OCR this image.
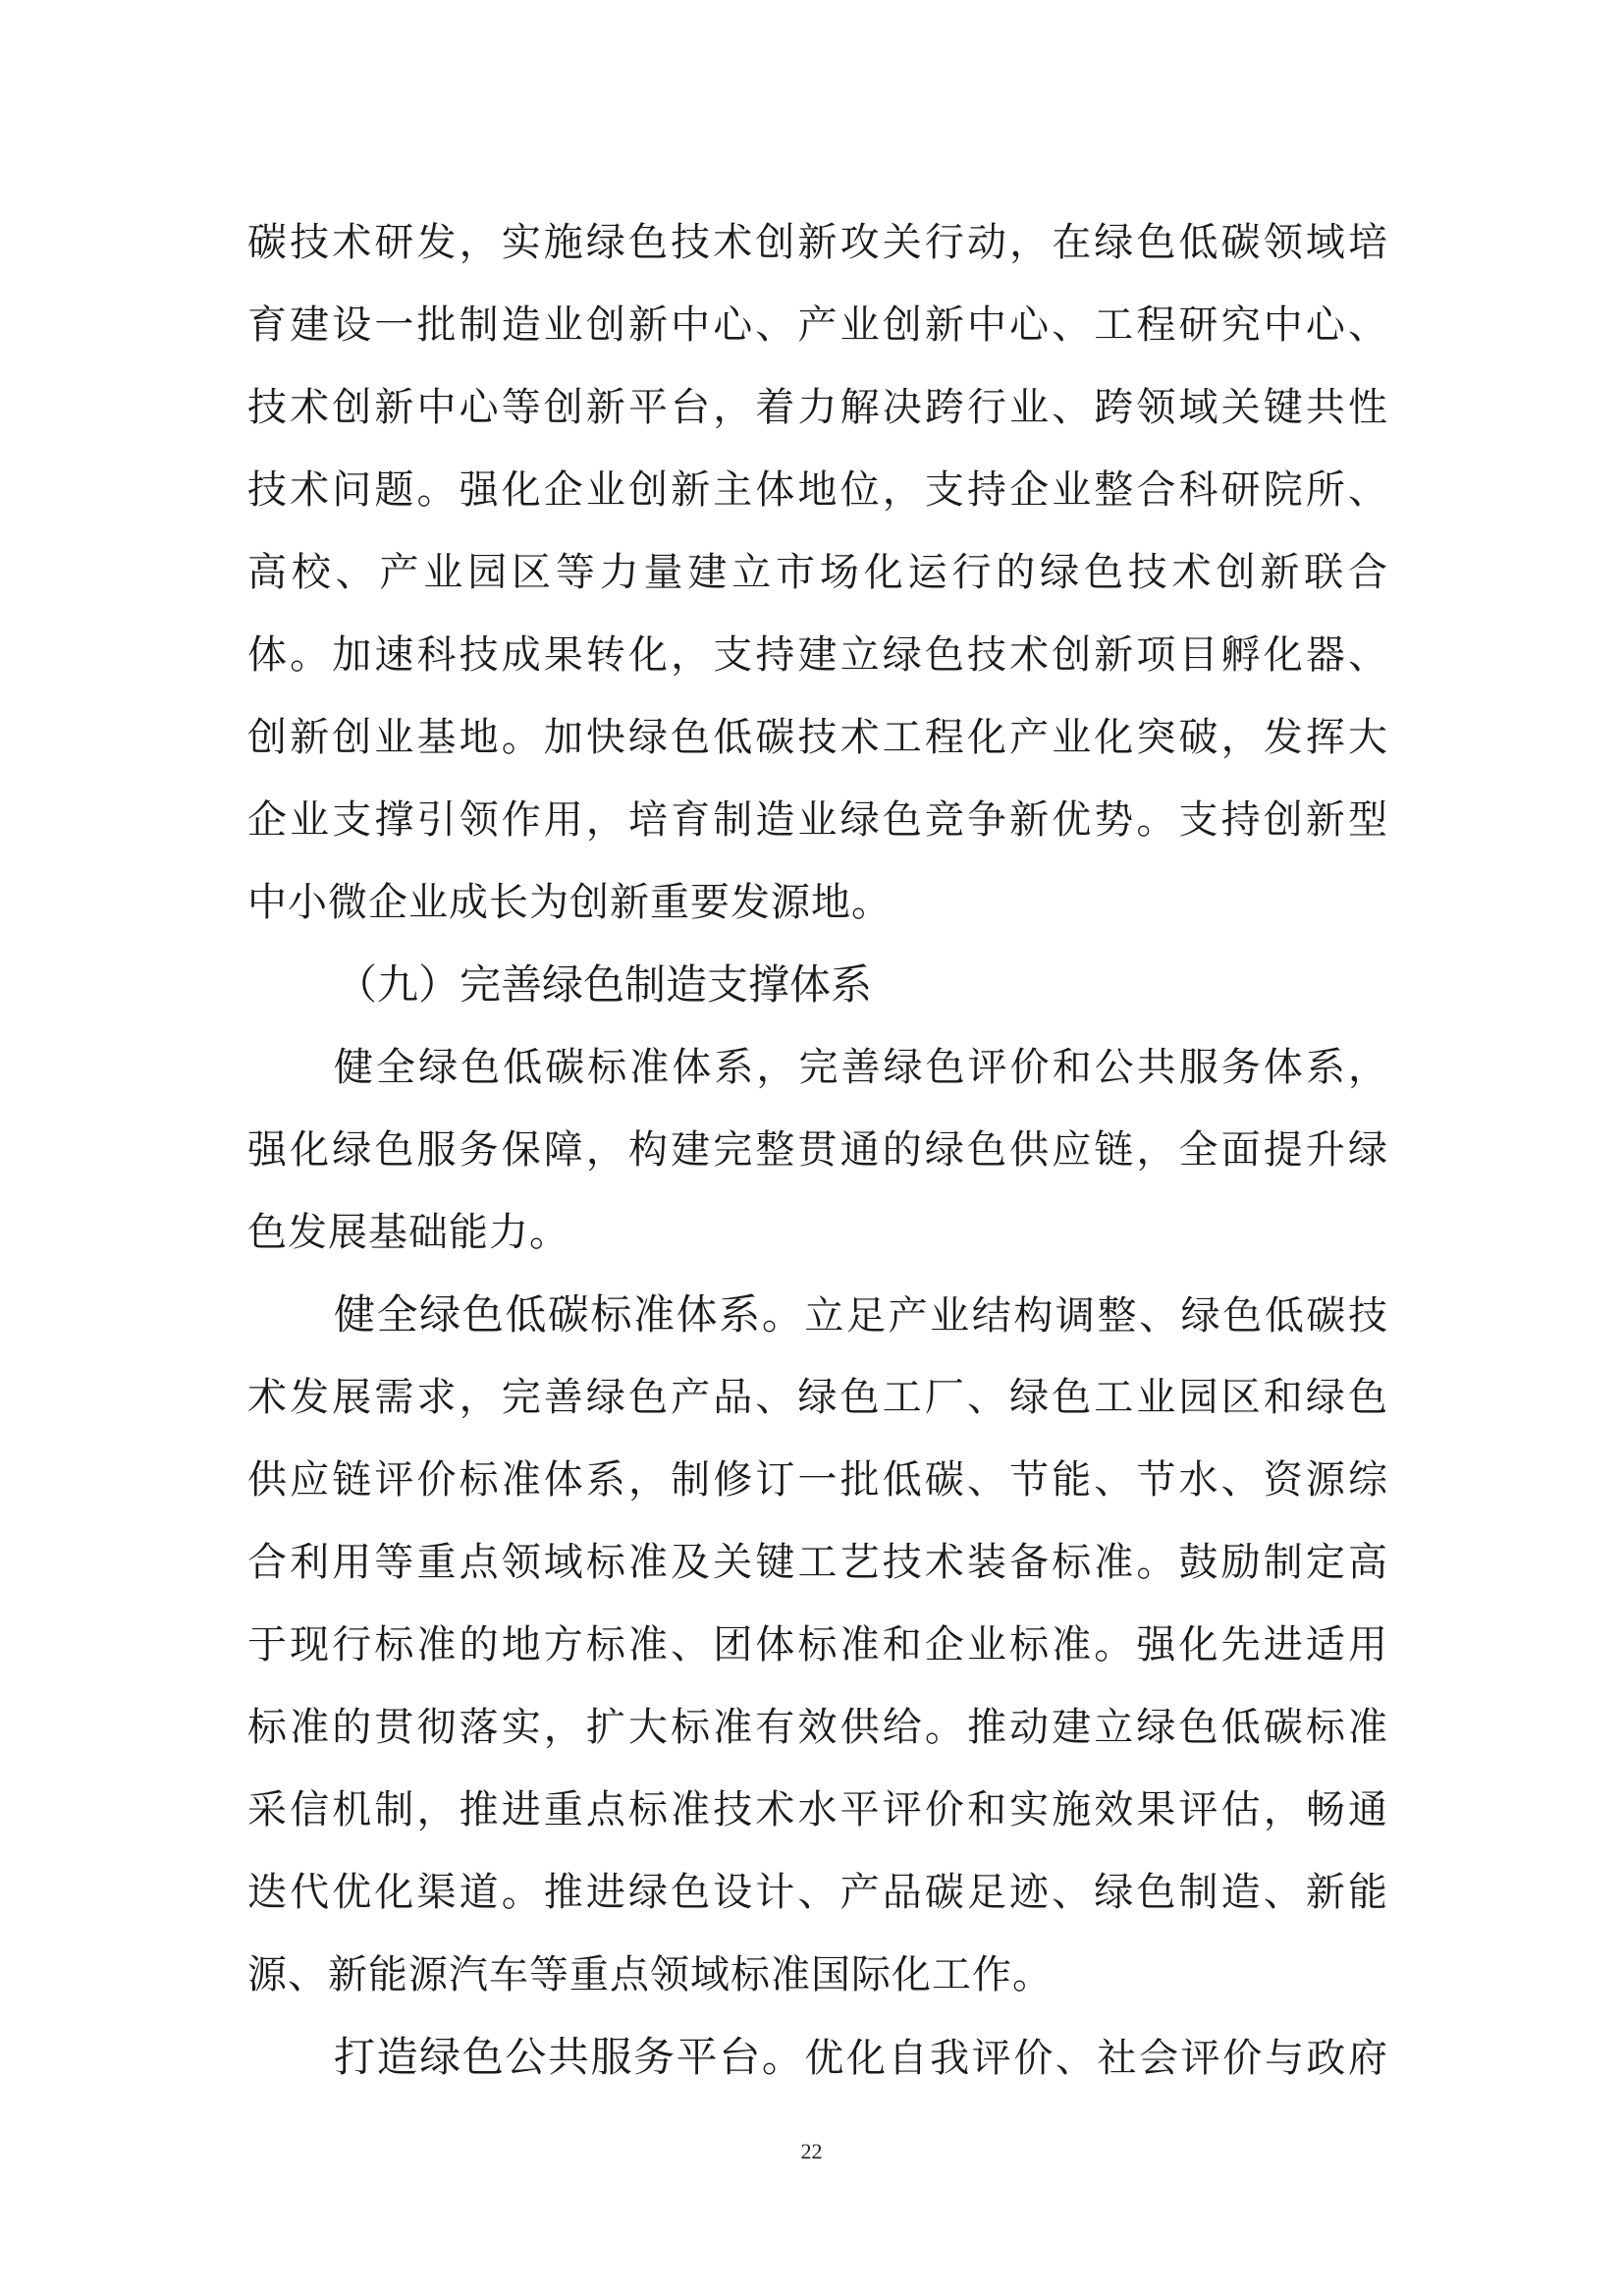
碳技术研发，实施绿色技术创新攻关行动，在绿色低碳领域培
育建设一批制造业创新中心、产业创新中心、工程研究中心、
技术创新中心等创新平台，着力解决跨行业、跨领域关键共性
技术问题。强化企业创新主体地位，支持企业整合科研院所、
高校、产业园区等力量建立市场化运行的绿色技术创新联合
体。加速科技成果转化，支持建立绿色技术创新项目孵化器、
创新创业基地。加快绿色低碳技术工程化产业化突破，发挥大
企业支撑引领作用，培育制造业绿色竞争新优势。支持创新型
中小微企业成长为创新重要发源地。
（九）完善绿色制造支撑体系
健全绿色低碳标准体系，完善绿色评价和公共服务体系，
强化绿色服务保障，构建完整贯通的绿色供应链，全面提升绿
色发展基础能力。
健全绿色低碳标准体系。立足产业结构调整、绿色低碳技
术发展需求，完善绿色产品、绿色工厂、绿色工业园区和绿色
供应链评价标准体系，制修订一批低碳、节能、节水、资源综
合利用等重点领域标准及关键工艺技术装备标准。鼓励制定高
于现行标准的地方标准、团体标准和企业标准。强化先进适用
标准的贯彻落实，扩大标准有效供给。推动建立绿色低碳标准
采信机制，推进重点标准技术水平评价和实施效果评估，畅通
迭代优化渠道。推进绿色设计、产品碳足迹、绿色制造、新能
源、新能源汽车等重点领域标准国际化工作。
打造绿色公共服务平台。优化自我评价、社会评价与政府
22
